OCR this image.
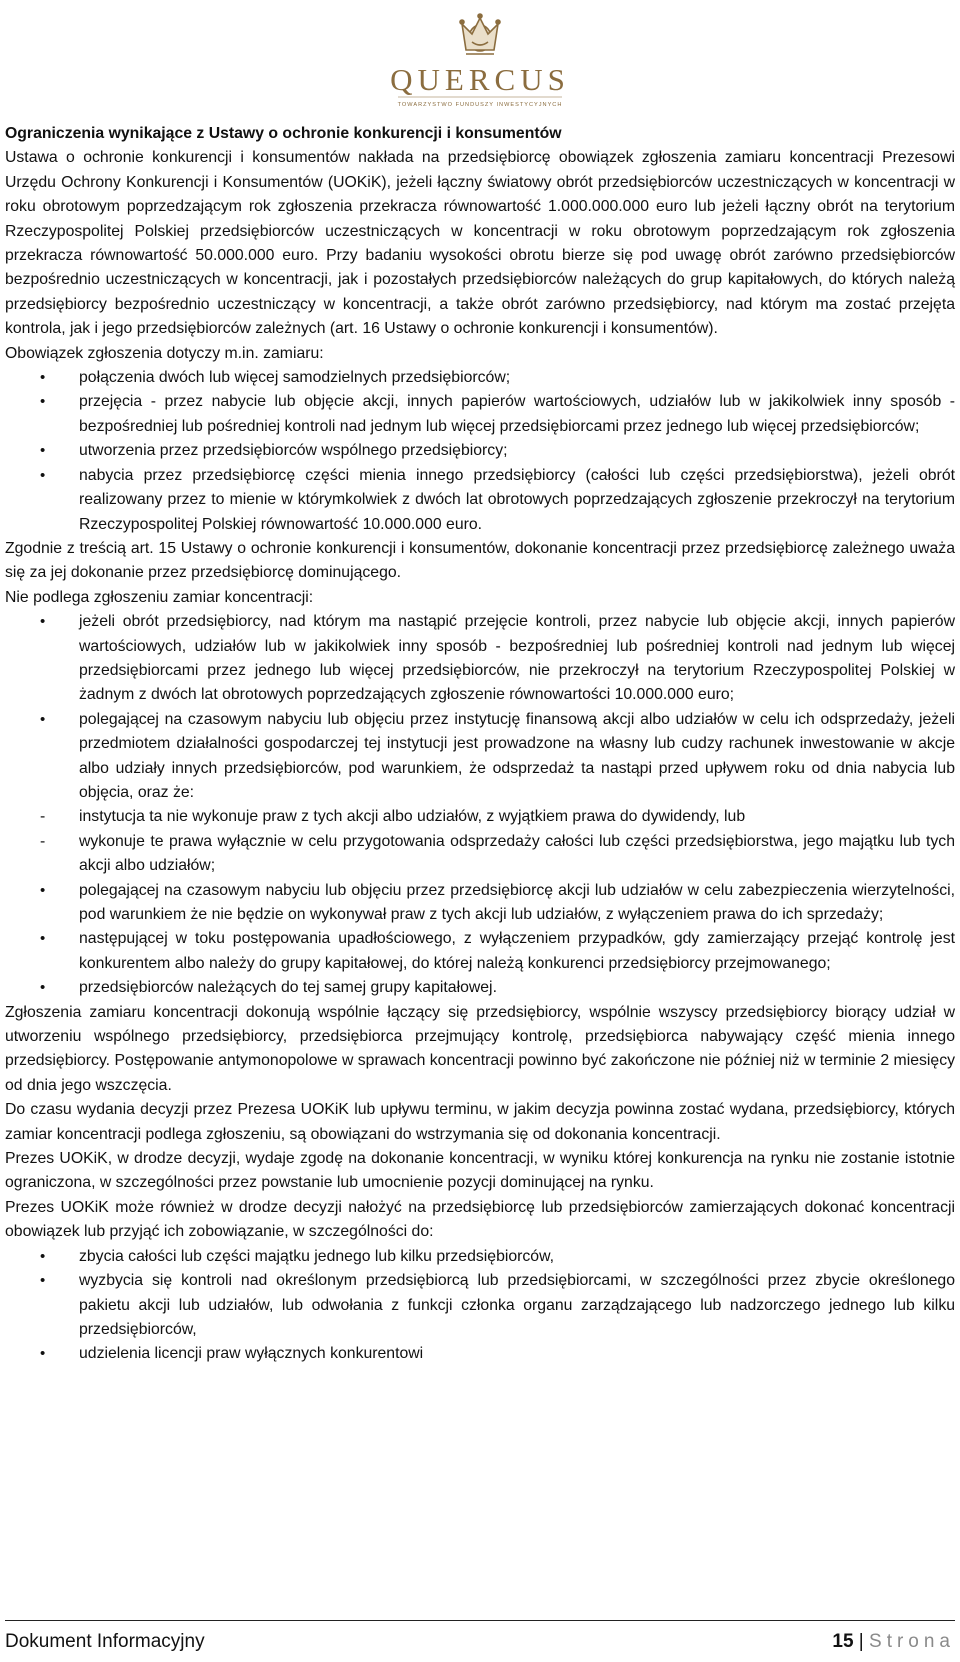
QUERCUS
TOWARZYSTWO FUNDUSZY INWESTYCYJNYCH

Ograniczenia wynikające z Ustawy o ochronie konkurencji i konsumentów

Ustawa o ochronie konkurencji i konsumentów nakłada na przedsiębiorcę obowiązek zgłoszenia zamiaru koncentracji Prezesowi Urzędu Ochrony Konkurencji i Konsumentów (UOKiK), jeżeli łączny światowy obrót przedsiębiorców uczestniczących w koncentracji w roku obrotowym poprzedzającym rok zgłoszenia przekracza równowartość 1.000.000.000 euro lub jeżeli łączny obrót na terytorium Rzeczypospolitej Polskiej przedsiębiorców uczestniczących w koncentracji w roku obrotowym poprzedzającym rok zgłoszenia przekracza równowartość 50.000.000 euro. Przy badaniu wysokości obrotu bierze się pod uwagę obrót zarówno przedsiębiorców bezpośrednio uczestniczących w koncentracji, jak i pozostałych przedsiębiorców należących do grup kapitałowych, do których należą przedsiębiorcy bezpośrednio uczestniczący w koncentracji, a także obrót zarówno przedsiębiorcy, nad którym ma zostać przejęta kontrola, jak i jego przedsiębiorców zależnych (art. 16 Ustawy o ochronie konkurencji i konsumentów).

Obowiązek zgłoszenia dotyczy m.in. zamiaru:

• połączenia dwóch lub więcej samodzielnych przedsiębiorców;
• przejęcia - przez nabycie lub objęcie akcji, innych papierów wartościowych, udziałów lub w jakikolwiek inny sposób - bezpośredniej lub pośredniej kontroli nad jednym lub więcej przedsiębiorcami przez jednego lub więcej przedsiębiorców;
• utworzenia przez przedsiębiorców wspólnego przedsiębiorcy;
• nabycia przez przedsiębiorcę części mienia innego przedsiębiorcy (całości lub części przedsiębiorstwa), jeżeli obrót realizowany przez to mienie w którymkolwiek z dwóch lat obrotowych poprzedzających zgłoszenie przekroczył na terytorium Rzeczypospolitej Polskiej równowartość 10.000.000 euro.

Zgodnie z treścią art. 15 Ustawy o ochronie konkurencji i konsumentów, dokonanie koncentracji przez przedsiębiorcę zależnego uważa się za jej dokonanie przez przedsiębiorcę dominującego.

Nie podlega zgłoszeniu zamiar koncentracji:

• jeżeli obrót przedsiębiorcy, nad którym ma nastąpić przejęcie kontroli, przez nabycie lub objęcie akcji, innych papierów wartościowych, udziałów lub w jakikolwiek inny sposób - bezpośredniej lub pośredniej kontroli nad jednym lub więcej przedsiębiorcami przez jednego lub więcej przedsiębiorców, nie przekroczył na terytorium Rzeczypospolitej Polskiej w żadnym z dwóch lat obrotowych poprzedzających zgłoszenie równowartości 10.000.000 euro;
• polegającej na czasowym nabyciu lub objęciu przez instytucję finansową akcji albo udziałów w celu ich odsprzedaży, jeżeli przedmiotem działalności gospodarczej tej instytucji jest prowadzone na własny lub cudzy rachunek inwestowanie w akcje albo udziały innych przedsiębiorców, pod warunkiem, że odsprzedaż ta nastąpi przed upływem roku od dnia nabycia lub objęcia, oraz że:
- instytucja ta nie wykonuje praw z tych akcji albo udziałów, z wyjątkiem prawa do dywidendy, lub
- wykonuje te prawa wyłącznie w celu przygotowania odsprzedaży całości lub części przedsiębiorstwa, jego majątku lub tych akcji albo udziałów;
• polegającej na czasowym nabyciu lub objęciu przez przedsiębiorcę akcji lub udziałów w celu zabezpieczenia wierzytelności, pod warunkiem że nie będzie on wykonywał praw z tych akcji lub udziałów, z wyłączeniem prawa do ich sprzedaży;
• następującej w toku postępowania upadłościowego, z wyłączeniem przypadków, gdy zamierzający przejąć kontrolę jest konkurentem albo należy do grupy kapitałowej, do której należą konkurenci przedsiębiorcy przejmowanego;
• przedsiębiorców należących do tej samej grupy kapitałowej.

Zgłoszenia zamiaru koncentracji dokonują wspólnie łączący się przedsiębiorcy, wspólnie wszyscy przedsiębiorcy biorący udział w utworzeniu wspólnego przedsiębiorcy, przedsiębiorca przejmujący kontrolę, przedsiębiorca nabywający część mienia innego przedsiębiorcy. Postępowanie antymonopolowe w sprawach koncentracji powinno być zakończone nie później niż w terminie 2 miesięcy od dnia jego wszczęcia.

Do czasu wydania decyzji przez Prezesa UOKiK lub upływu terminu, w jakim decyzja powinna zostać wydana, przedsiębiorcy, których zamiar koncentracji podlega zgłoszeniu, są obowiązani do wstrzymania się od dokonania koncentracji.

Prezes UOKiK, w drodze decyzji, wydaje zgodę na dokonanie koncentracji, w wyniku której konkurencja na rynku nie zostanie istotnie ograniczona, w szczególności przez powstanie lub umocnienie pozycji dominującej na rynku.

Prezes UOKiK może również w drodze decyzji nałożyć na przedsiębiorcę lub przedsiębiorców zamierzających dokonać koncentracji obowiązek lub przyjąć ich zobowiązanie, w szczególności do:

• zbycia całości lub części majątku jednego lub kilku przedsiębiorców,
• wyzbycia się kontroli nad określonym przedsiębiorcą lub przedsiębiorcami, w szczególności przez zbycie określonego pakietu akcji lub udziałów, lub odwołania z funkcji członka organu zarządzającego lub nadzorczego jednego lub kilku przedsiębiorców,
• udzielenia licencji praw wyłącznych konkurentowi
Dokument Informacyjny	15 | Strona
